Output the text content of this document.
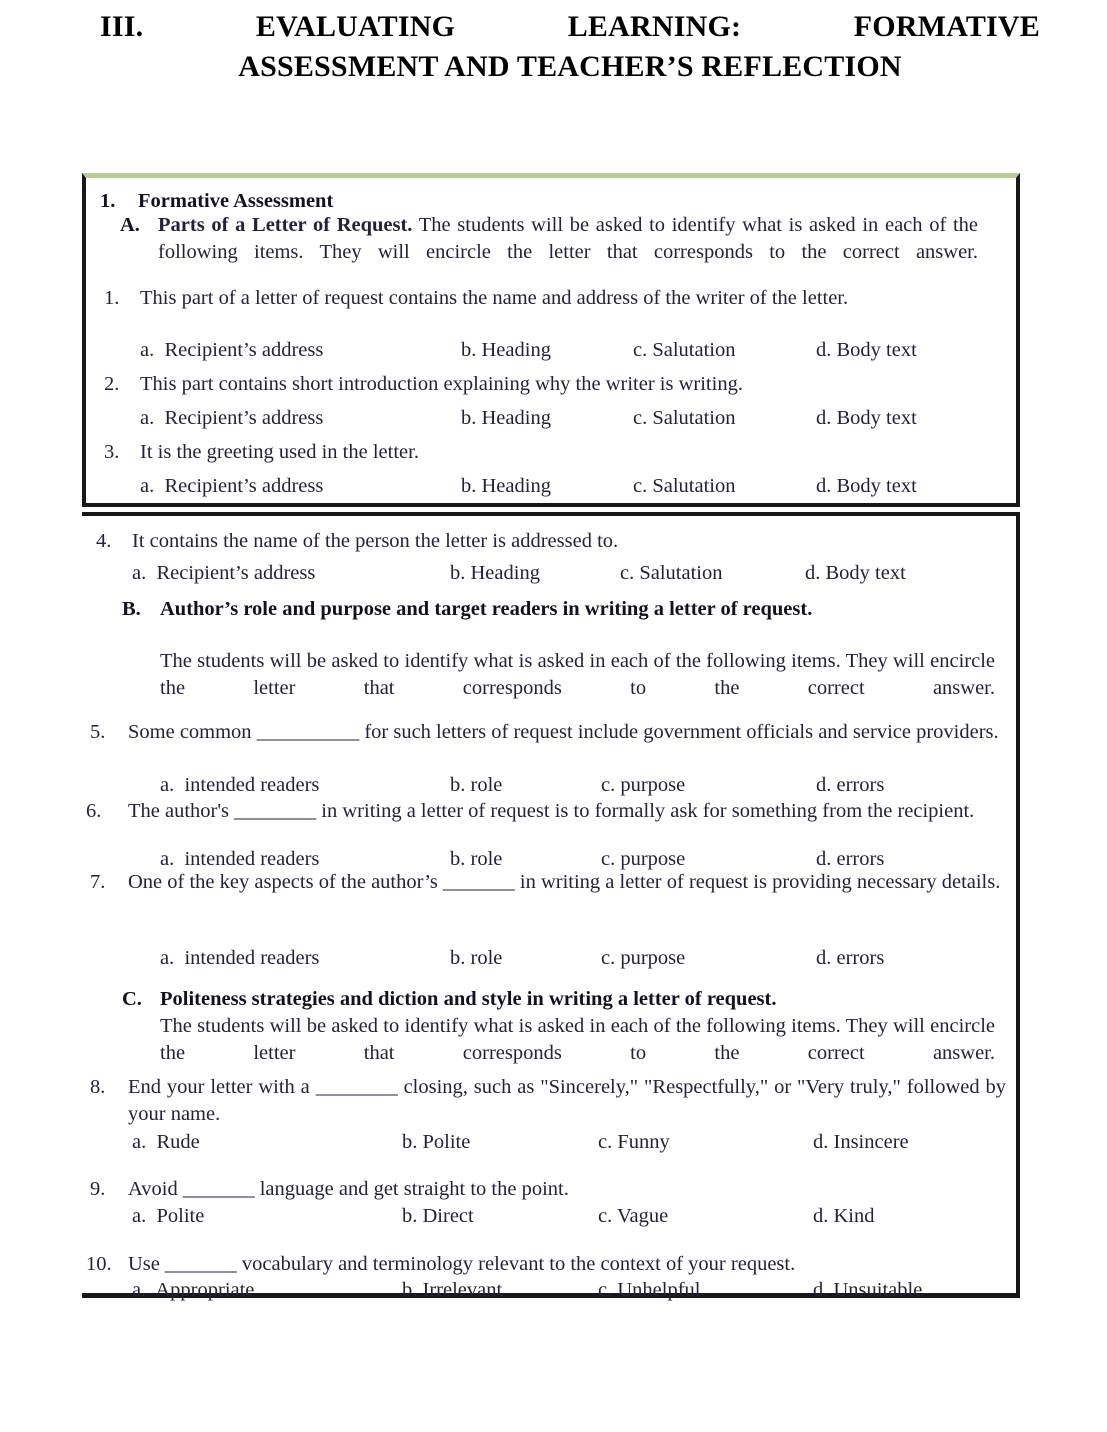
III. EVALUATING LEARNING: FORMATIVE
ASSESSMENT AND TEACHER’S REFLECTION
1.	Formative Assessment
A. Parts of a Letter of Request. The students will be asked to identify what is asked in each of the following items. They will encircle the letter that corresponds to the correct answer.
1.	This part of a letter of request contains the name and address of the writer of the letter.
a. Recipient’s address	b. Heading	c. Salutation	d. Body text
2.	This part contains short introduction explaining why the writer is writing.
a. Recipient’s address	b. Heading	c. Salutation	d. Body text
3.	It is the greeting used in the letter.
a. Recipient’s address	b. Heading	c. Salutation	d. Body text
4.	It contains the name of the person the letter is addressed to.
a. Recipient’s address	b. Heading	c. Salutation	d. Body text
B. Author’s role and purpose and target readers in writing a letter of request.
The students will be asked to identify what is asked in each of the following items. They will encircle the letter that corresponds to the correct answer.
5.	Some common __________ for such letters of request include government officials and service providers.
a. intended readers	b. role	c. purpose	d. errors
6.	The author's ________ in writing a letter of request is to formally ask for something from the recipient.
a. intended readers	b. role	c. purpose	d. errors
7.	One of the key aspects of the author’s _______ in writing a letter of request is providing necessary details.
a. intended readers	b. role	c. purpose	d. errors
C. Politeness strategies and diction and style in writing a letter of request.
The students will be asked to identify what is asked in each of the following items. They will encircle the letter that corresponds to the correct answer.
8.	End your letter with a ________ closing, such as "Sincerely," "Respectfully," or "Very truly," followed by your name.
a. Rude	b. Polite	c. Funny	d. Insincere
9.	Avoid _______ language and get straight to the point.
a. Polite	b. Direct	c. Vague	d. Kind
10. Use _______ vocabulary and terminology relevant to the context of your request.
a. Appropriate	b. Irrelevant	c. Unhelpful	d. Unsuitable
